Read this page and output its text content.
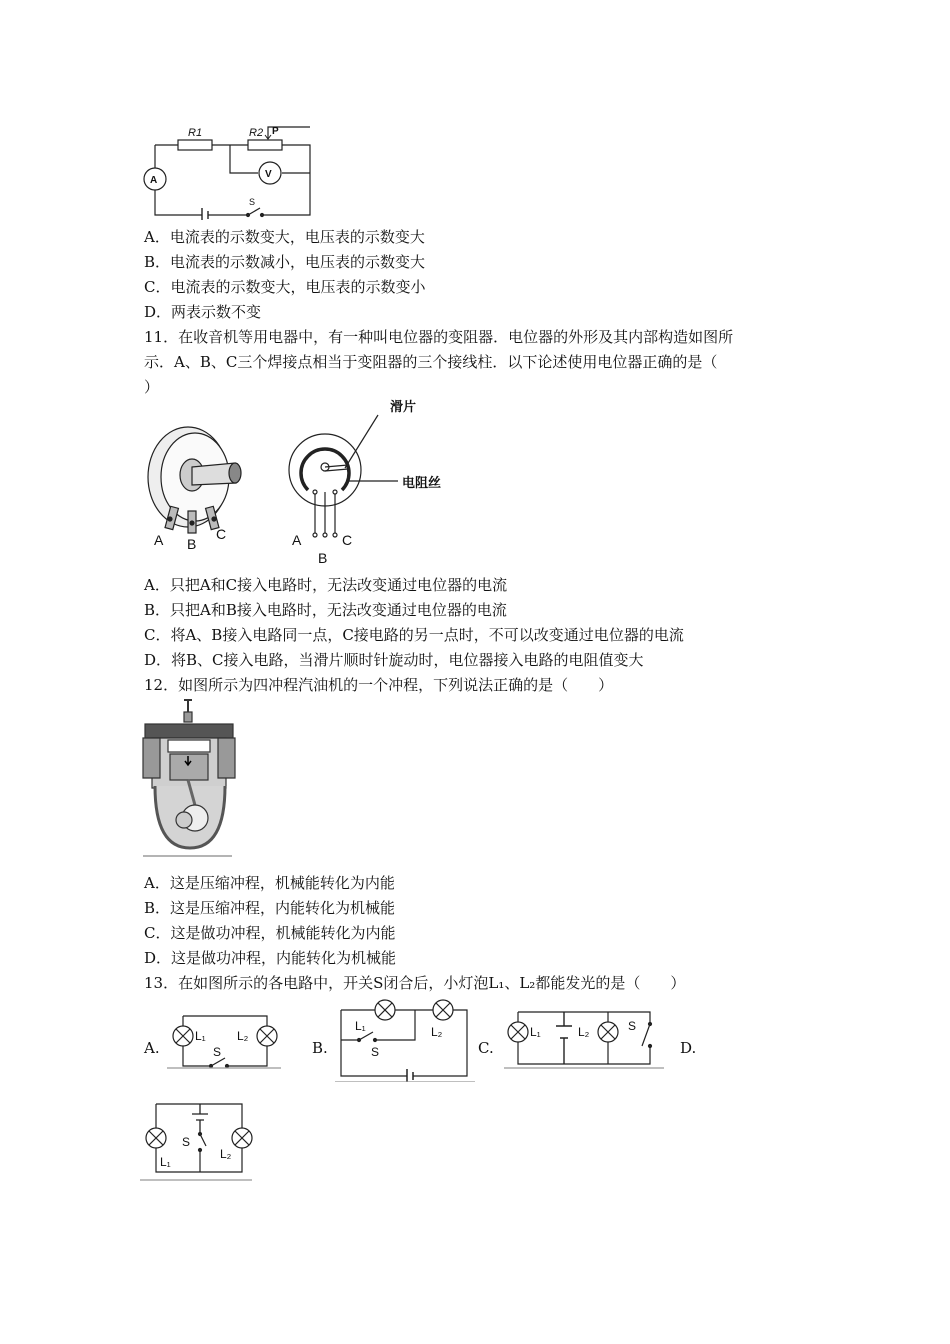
R1	R2 P
A
V
S
A．电流表的示数变大，电压表的示数变大
B．电流表的示数减小，电压表的示数变大
C．电流表的示数变大，电压表的示数变小
D．两表示数不变
11．在收音机等用电器中，有一种叫电位器的变阻器．电位器的外形及其内部构造如图所
示．A、B、C三个焊接点相当于变阻器的三个接线柱．以下论述使用电位器正确的是（
）
A B
C	A
B
C
滑片
电阻丝
A．只把A和C接入电路时，无法改变通过电位器的电流
B．只把A和B接入电路时，无法改变通过电位器的电流
C．将A、B接入电路同一点，C接电路的另一点时，不可以改变通过电位器的电流
D．将B、C接入电路，当滑片顺时针旋动时，电位器接入电路的电阻值变大
12．如图所示为四冲程汽油机的一个冲程，下列说法正确的是（　　）
A．这是压缩冲程，机械能转化为内能
B．这是压缩冲程，内能转化为机械能
C．这是做功冲程，机械能转化为内能
D．这是做功冲程，内能转化为机械能
13．在如图所示的各电路中，开关S闭合后，小灯泡L₁、L₂都能发光的是（　　）
A.
L₁	L₂
S	B.
L₁	L₂
S	C.
L₁	L₂	S
D.
S
L₁
L₂
